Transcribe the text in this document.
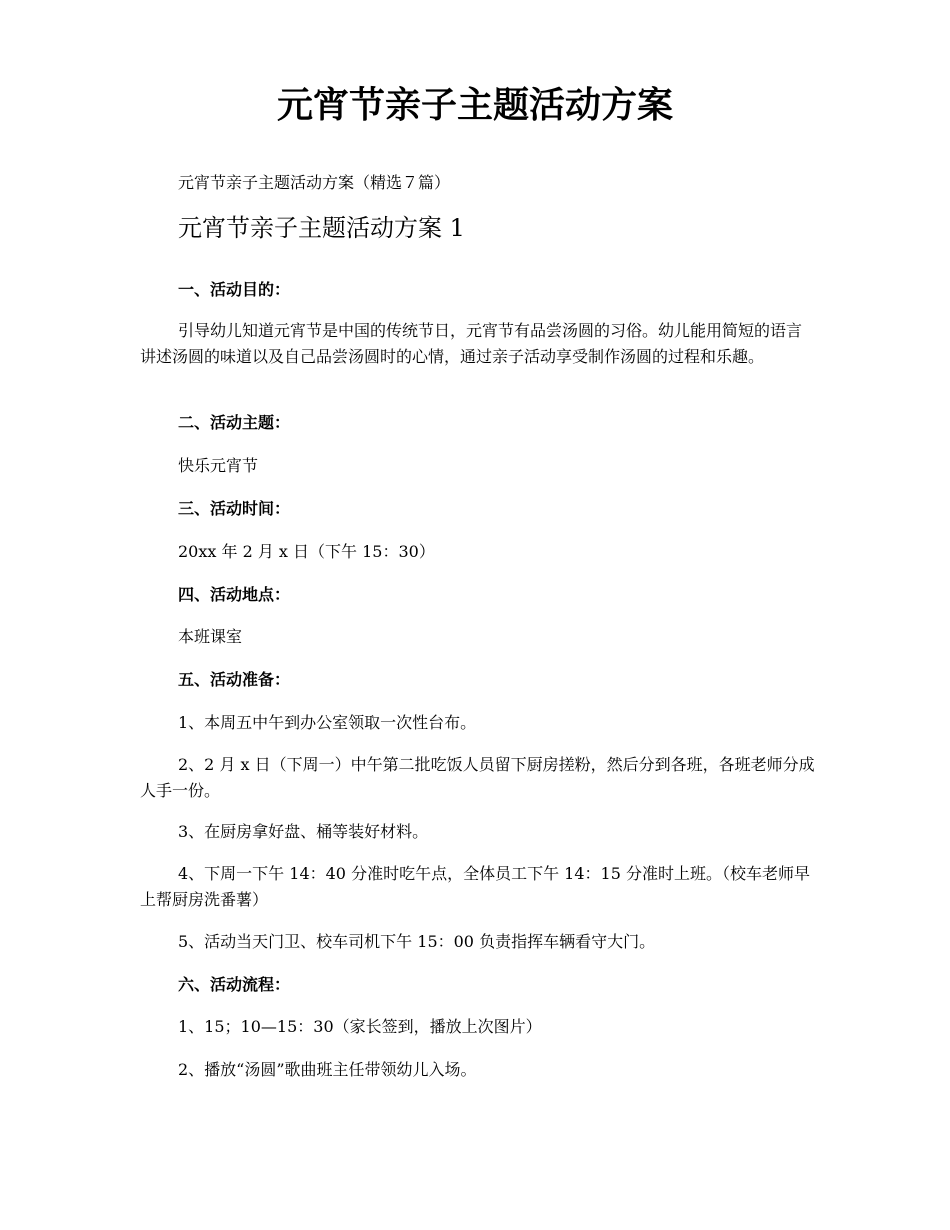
元宵节亲子主题活动方案

元宵节亲子主题活动方案（精选７篇）

元宵节亲子主题活动方案 1

一、活动目的：

引导幼儿知道元宵节是中国的传统节日，元宵节有品尝汤圆的习俗。幼儿能用简短的语言讲述汤圆的味道以及自己品尝汤圆时的心情，通过亲子活动享受制作汤圆的过程和乐趣。

二、活动主题：

快乐元宵节

三、活动时间：

20xx 年 2 月 x 日（下午 15：30）

四、活动地点：

本班课室

五、活动准备：

1、本周五中午到办公室领取一次性台布。

2、2 月 x 日（下周一）中午第二批吃饭人员留下厨房搓粉，然后分到各班，各班老师分成人手一份。

3、在厨房拿好盘、桶等装好材料。

4、下周一下午 14：40 分准时吃午点，全体员工下午 14：15 分准时上班。（校车老师早上帮厨房洗番薯）

5、活动当天门卫、校车司机下午 15：00 负责指挥车辆看守大门。

六、活动流程：

1、15；10—15：30（家长签到，播放上次图片）

2、播放“汤圆”歌曲班主任带领幼儿入场。
